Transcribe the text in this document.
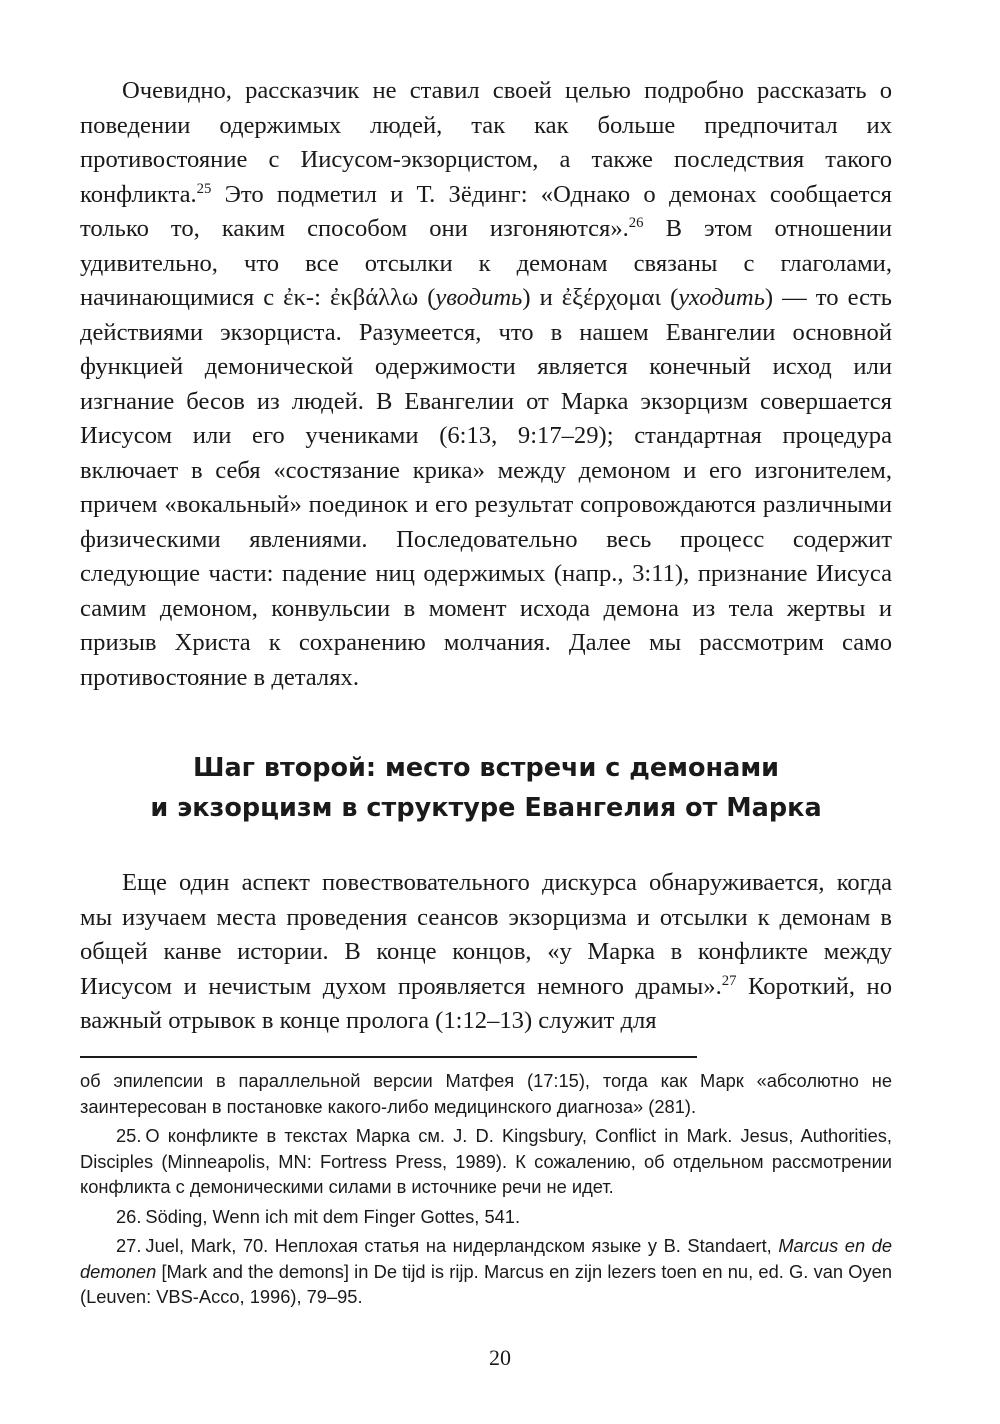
Очевидно, рассказчик не ставил своей целью подробно рассказать о поведении одержимых людей, так как больше предпочитал их противостояние с Иисусом-экзорцистом, а также последствия такого конфликта.$^{25}$ Это подметил и Т. Зёдинг: «Однако о демонах сообщается только то, каким способом они изгоняются».$^{26}$ В этом отношении удивительно, что все отсылки к демонам связаны с глаголами, начинающимися с ἐκ-: ἐκβάλλω (уводить) и ἐξέρχομαι (уходить) — то есть действиями экзорциста. Разумеется, что в нашем Евангелии основной функцией демонической одержимости является конечный исход или изгнание бесов из людей. В Евангелии от Марка экзорцизм совершается Иисусом или его учениками (6:13, 9:17–29); стандартная процедура включает в себя «состязание крика» между демоном и его изгонителем, причем «вокальный» поединок и его результат сопровождаются различными физическими явлениями. Последовательно весь процесс содержит следующие части: падение ниц одержимых (напр., 3:11), признание Иисуса самим демоном, конвульсии в момент исхода демона из тела жертвы и призыв Христа к сохранению молчания. Далее мы рассмотрим само противостояние в деталях.

Шаг второй: место встречи с демонами
и экзорцизм в структуре Евангелия от Марка

Еще один аспект повествовательного дискурса обнаруживается, когда мы изучаем места проведения сеансов экзорцизма и отсылки к демонам в общей канве истории. В конце концов, «у Марка в конфликте между Иисусом и нечистым духом проявляется немного драмы».$^{27}$ Короткий, но важный отрывок в конце пролога (1:12–13) служит для

об эпилепсии в параллельной версии Матфея (17:15), тогда как Марк «абсолютно не заинтересован в постановке какого-либо медицинского диагноза» (281).

25. О конфликте в текстах Марка см. J. D. Kingsbury, Conflict in Mark. Jesus, Authorities, Disciples (Minneapolis, MN: Fortress Press, 1989). К сожалению, об отдельном рассмотрении конфликта с демоническими силами в источнике речи не идет.

26. Söding, Wenn ich mit dem Finger Gottes, 541.

27. Juel, Mark, 70. Неплохая статья на нидерландском языке у B. Standaert, Marcus en de demonen [Mark and the demons] in De tijd is rijp. Marcus en zijn lezers toen en nu, ed. G. van Oyen (Leuven: VBS-Acco, 1996), 79–95.

20
